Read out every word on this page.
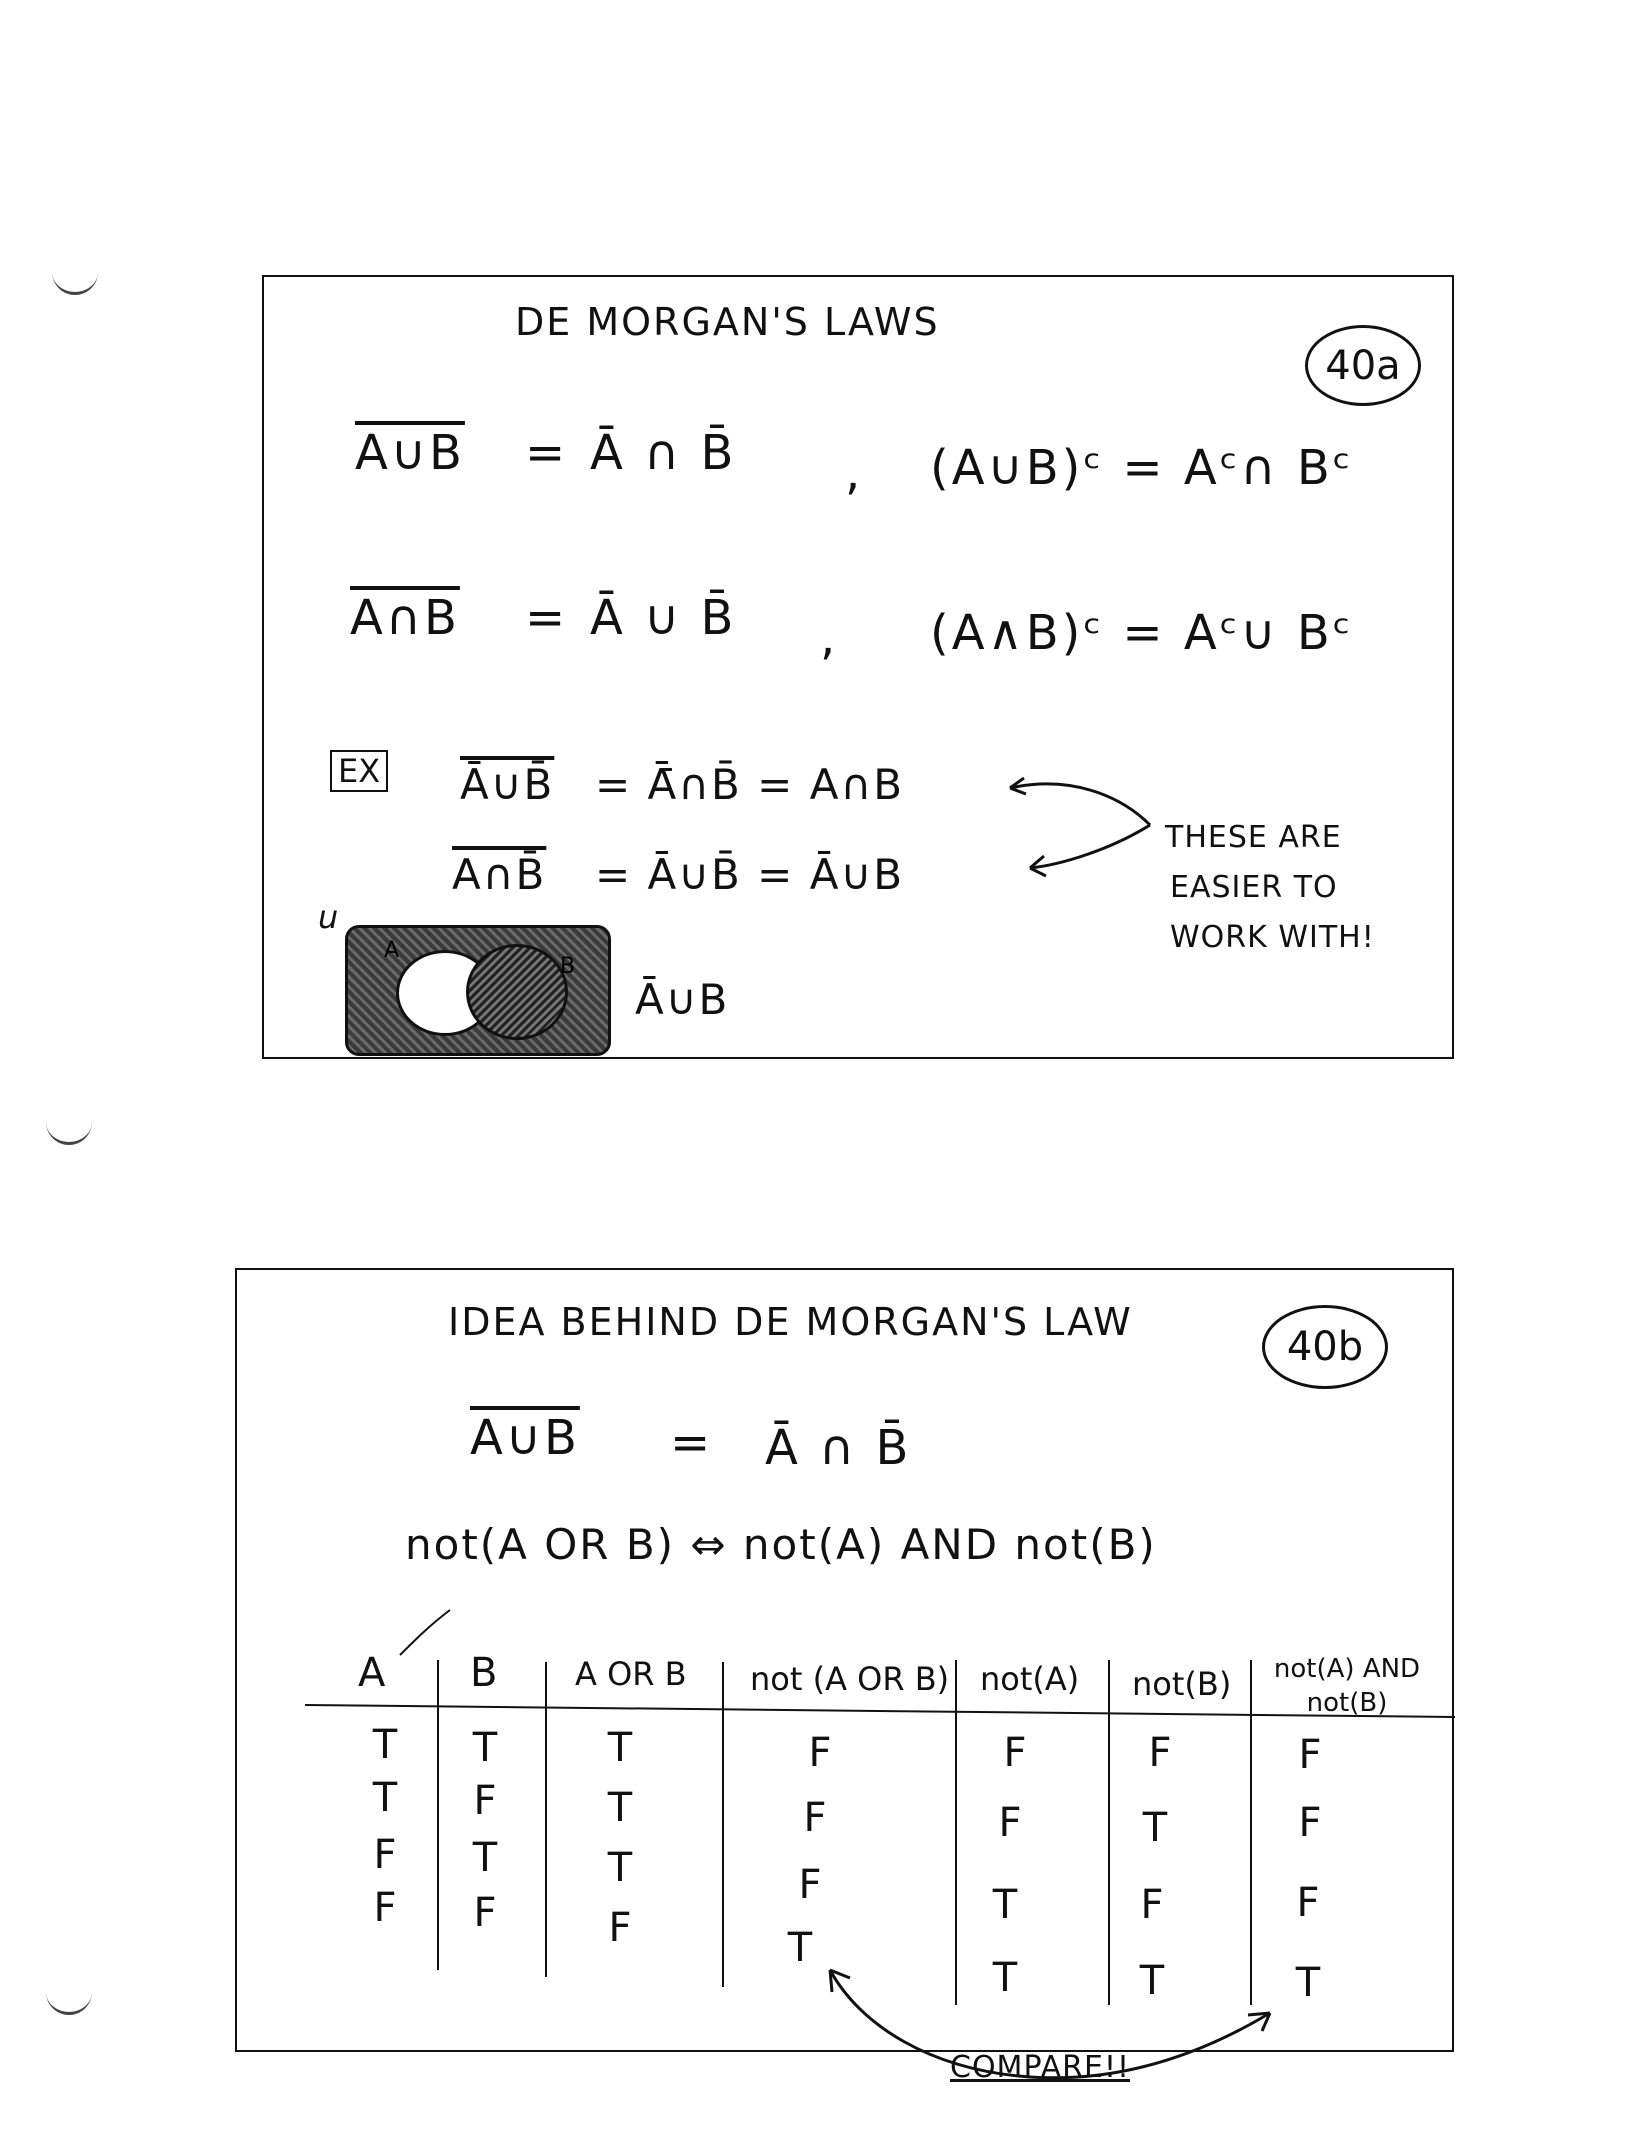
DE MORGAN'S LAWS
40a
A∪B = Ā ∩ B̄ , (A∪B)ᶜ = Aᶜ∩ Bᶜ
A∩B = Ā ∪ B̄ , (A∧B)ᶜ = Aᶜ∪ Bᶜ
EX Ā∪B̄ = Ā̄∩B̄̄ = A∩B
A∩B̄ = Ā∪B̄̄ = Ā∪B
THESE ARE
EASIER TO
WORK WITH!
u
A
B
Ā∪B
IDEA BEHIND DE MORGAN'S LAW
40b
A∪B = Ā ∩ B̄
not(A OR B) ⇔ not(A) AND not(B)
A B A OR B not (A OR B) not(A) not(B)	not(A) AND not(B)
T
T
F
F
T
F
T
F
T
T
T
F
F
F
F
T
F
F
T
T
F
T
F
T
F
F
F
T
COMPARE!!
